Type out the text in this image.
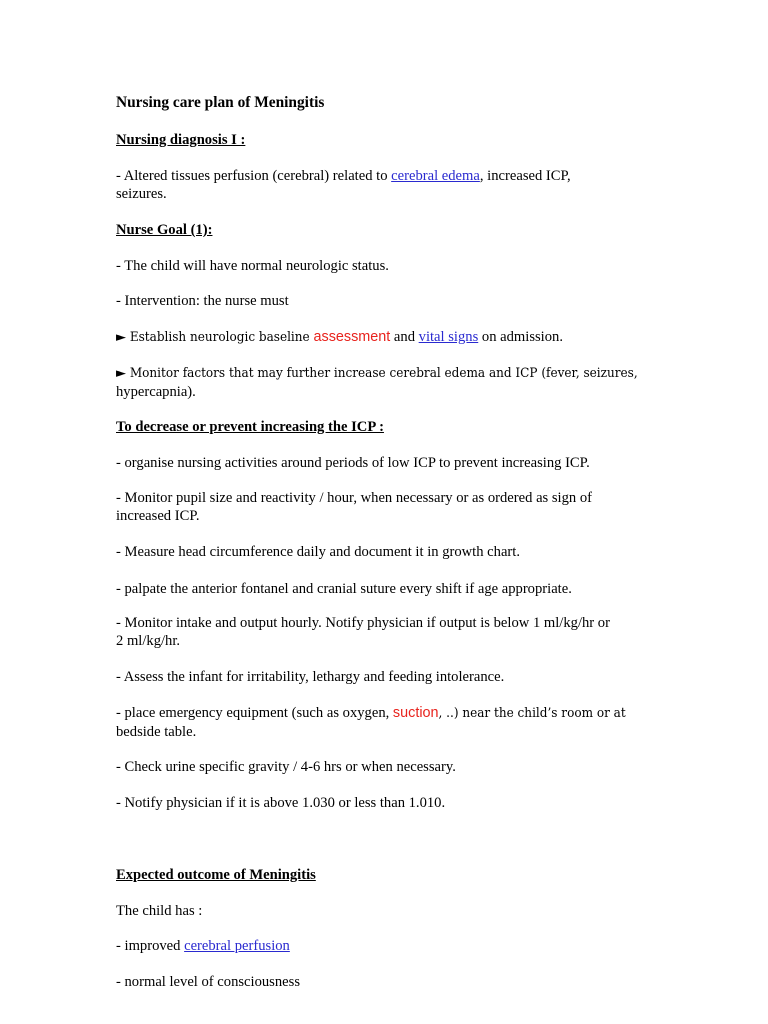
Nursing care plan of Meningitis

Nursing diagnosis I :

- Altered tissues perfusion (cerebral) related to cerebral edema, increased ICP,
seizures.

Nurse Goal (1):

- The child will have normal neurologic status.

- Intervention: the nurse must

► Establish neurologic baseline assessment and vital signs on admission.

► Monitor factors that may further increase cerebral edema and ICP (fever, seizures,
hypercapnia).

To decrease or prevent increasing the ICP :

- organise nursing activities around periods of low ICP to prevent increasing ICP.

- Monitor pupil size and reactivity / hour, when necessary or as ordered as sign of
increased ICP.

- Measure head circumference daily and document it in growth chart.

- palpate the anterior fontanel and cranial suture every shift if age appropriate.

- Monitor intake and output hourly. Notify physician if output is below 1 ml/kg/hr or
2 ml/kg/hr.

- Assess the infant for irritability, lethargy and feeding intolerance.

- place emergency equipment (such as oxygen, suction, ..) near the child’s room or at
bedside table.

- Check urine specific gravity / 4-6 hrs or when necessary.

- Notify physician if it is above 1.030 or less than 1.010.

Expected outcome of Meningitis

The child has :

- improved cerebral perfusion

- normal level of consciousness
